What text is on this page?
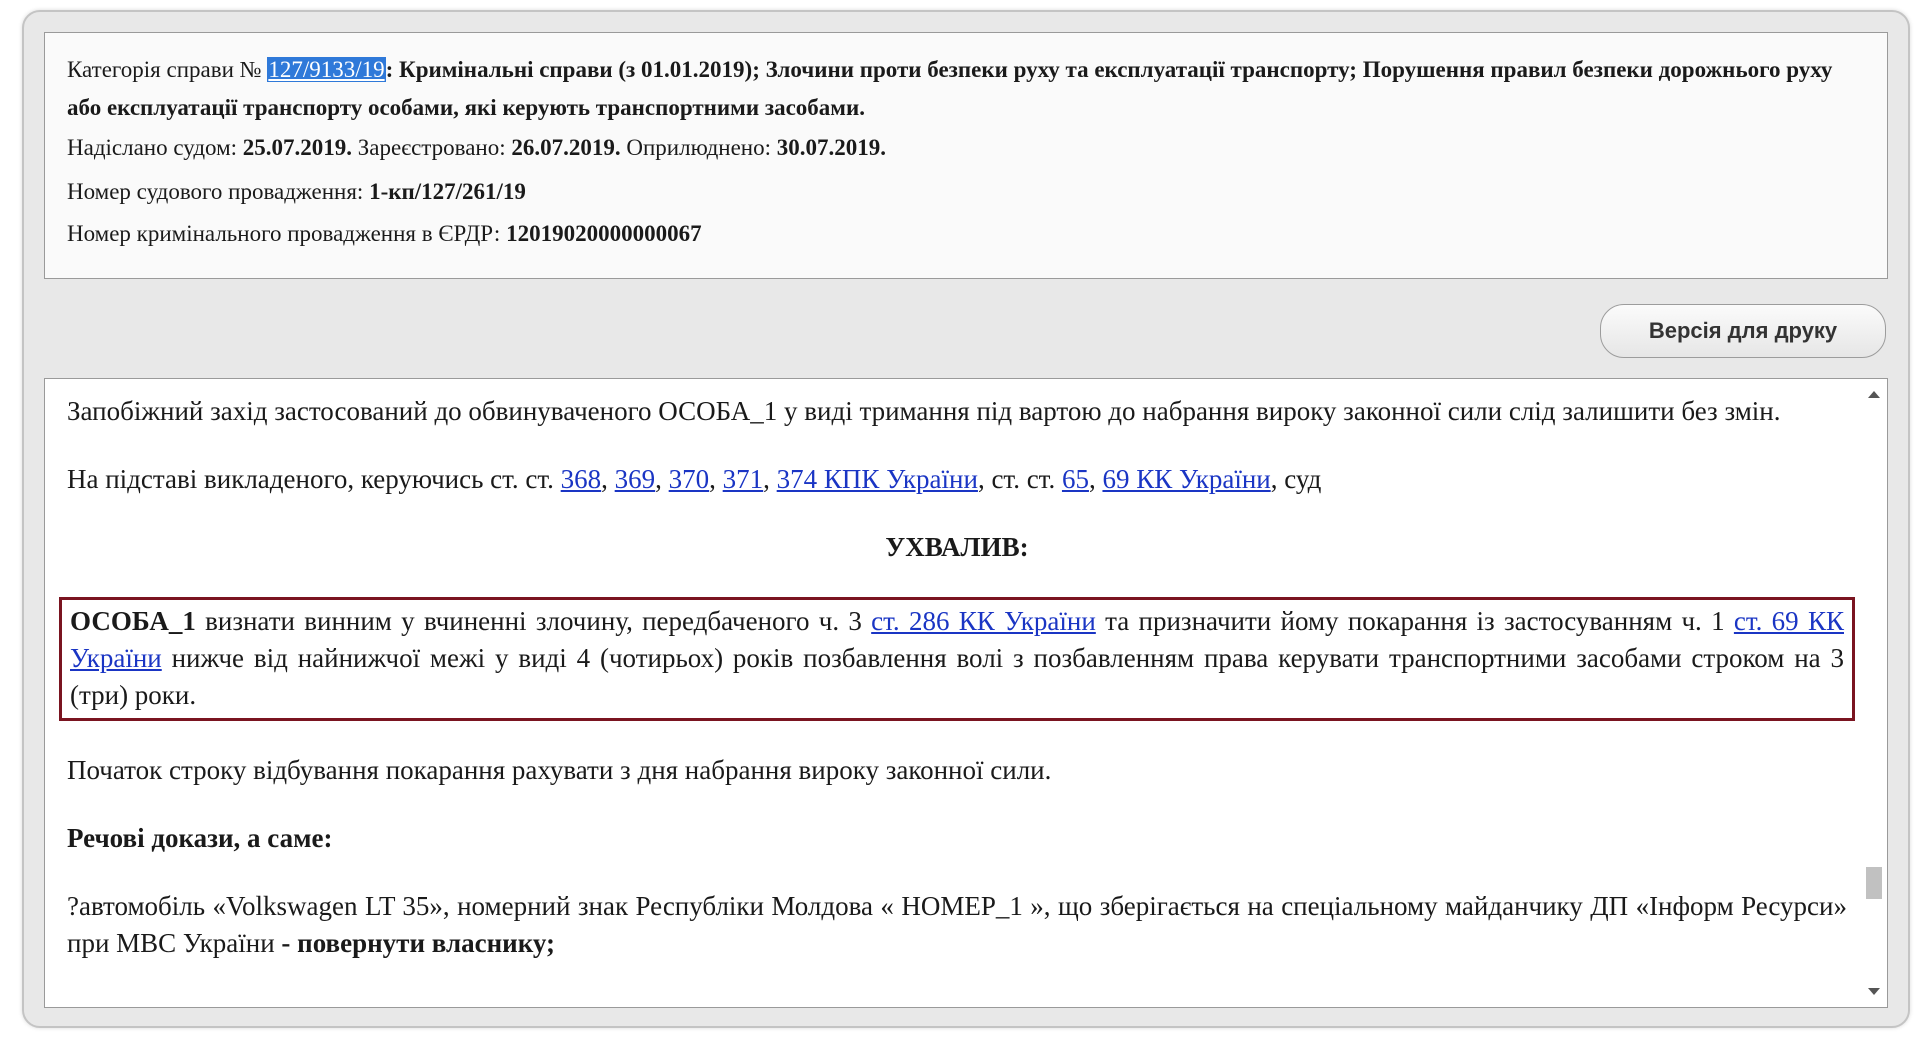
Категорія справи № 127/9133/19: Кримінальні справи (з 01.01.2019); Злочини проти безпеки руху та експлуатації транспорту; Порушення правил безпеки дорожнього руху або експлуатації транспорту особами, які керують транспортними засобами.
Надіслано судом: 25.07.2019. Зареєстровано: 26.07.2019. Оприлюднено: 30.07.2019.
Номер судового провадження: 1-кп/127/261/19
Номер кримінального провадження в ЄРДР: 12019020000000067
Версія для друку

Запобіжний захід застосований до обвинуваченого ОСОБА_1 у виді тримання під вартою до набрання вироку законної сили слід залишити без змін.

На підставі викладеного, керуючись ст. ст. 368, 369, 370, 371, 374 КПК України, ст. ст. 65, 69 КК України, суд

УХВАЛИВ:

ОСОБА_1 визнати винним у вчиненні злочину, передбаченого ч. 3 ст. 286 КК України та призначити йому покарання із застосуванням ч. 1 ст. 69 КК України нижче від найнижчої межі у виді 4 (чотирьох) років позбавлення волі з позбавленням права керувати транспортними засобами строком на 3 (три) роки.

Початок строку відбування покарання рахувати з дня набрання вироку законної сили.

Речові докази, а саме:

?автомобіль «Volkswagen LT 35», номерний знак Республіки Молдова « НОМЕР_1 », що зберігається на спеціальному майданчику ДП «Інформ Ресурси» при МВС України - повернути власнику;
